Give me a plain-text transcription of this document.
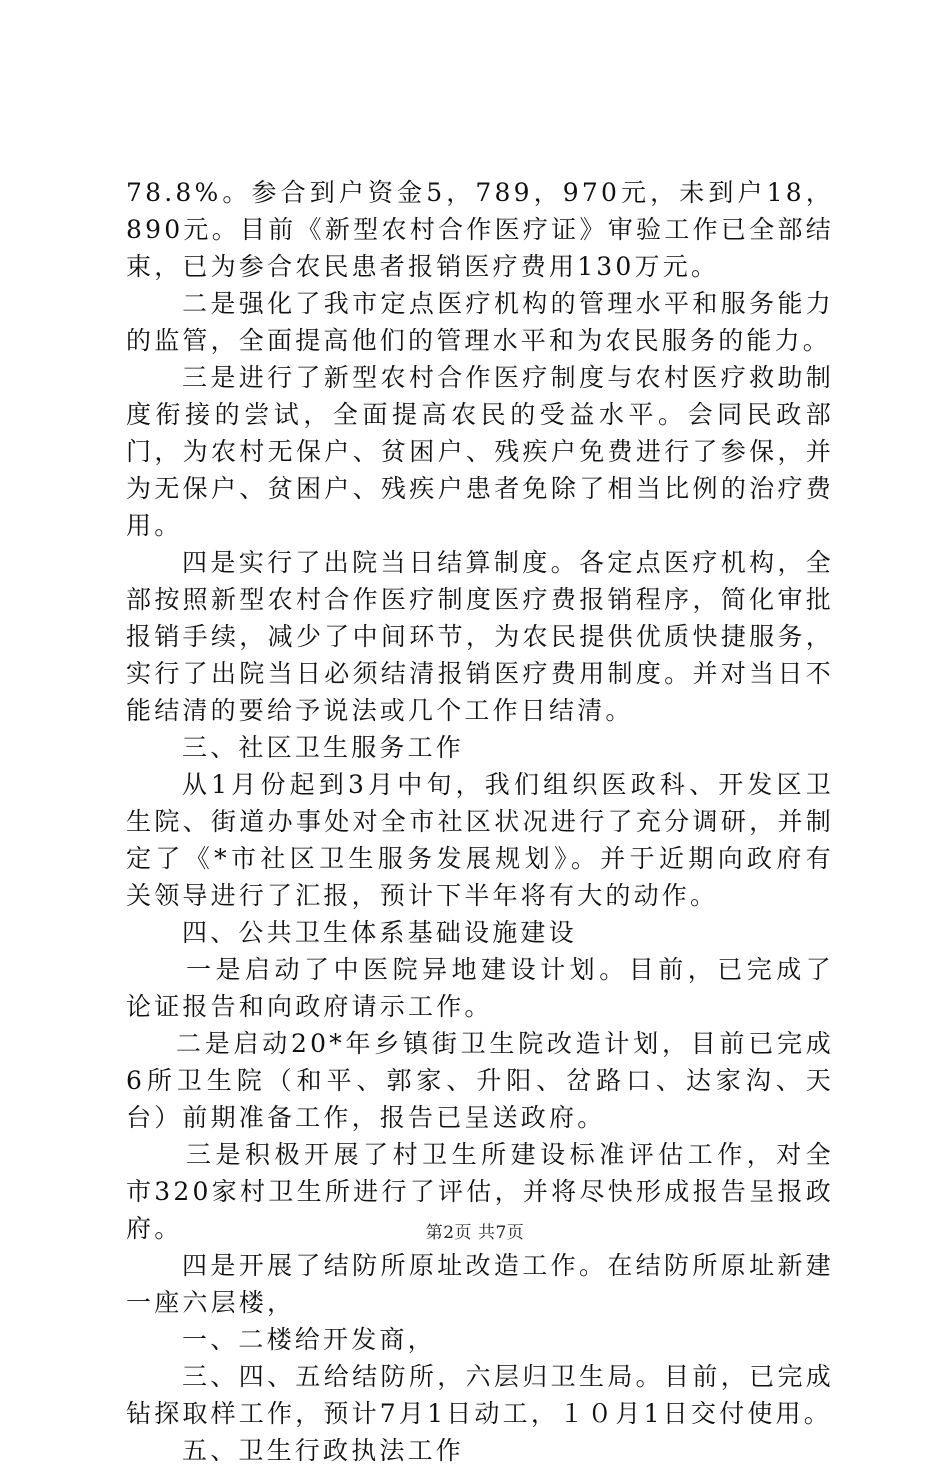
78.8%。参合到户资金5，789，970元，未到户18，890元。目前《新型农村合作医疗证》审验工作已全部结束，已为参合农民患者报销医疗费用130万元。

二是强化了我市定点医疗机构的管理水平和服务能力的监管，全面提高他们的管理水平和为农民服务的能力。

三是进行了新型农村合作医疗制度与农村医疗救助制度衔接的尝试，全面提高农民的受益水平。会同民政部门，为农村无保户、贫困户、残疾户免费进行了参保，并为无保户、贫困户、残疾户患者免除了相当比例的治疗费用。

四是实行了出院当日结算制度。各定点医疗机构，全部按照新型农村合作医疗制度医疗费报销程序，简化审批报销手续，减少了中间环节，为农民提供优质快捷服务，实行了出院当日必须结清报销医疗费用制度。并对当日不能结清的要给予说法或几个工作日结清。

三、社区卫生服务工作

从1月份起到3月中旬，我们组织医政科、开发区卫生院、街道办事处对全市社区状况进行了充分调研，并制定了《*市社区卫生服务发展规划》。并于近期向政府有关领导进行了汇报，预计下半年将有大的动作。

四、公共卫生体系基础设施建设

一是启动了中医院异地建设计划。目前，已完成了论证报告和向政府请示工作。

二是启动20*年乡镇街卫生院改造计划，目前已完成6所卫生院（和平、郭家、升阳、岔路口、达家沟、天台）前期准备工作，报告已呈送政府。

三是积极开展了村卫生所建设标准评估工作，对全市320家村卫生所进行了评估，并将尽快形成报告呈报政府。

四是开展了结防所原址改造工作。在结防所原址新建一座六层楼，

一、二楼给开发商，

三、四、五给结防所，六层归卫生局。目前，已完成钻探取样工作，预计7月1日动工，１０月1日交付使用。

五、卫生行政执法工作

第2页 共7页
